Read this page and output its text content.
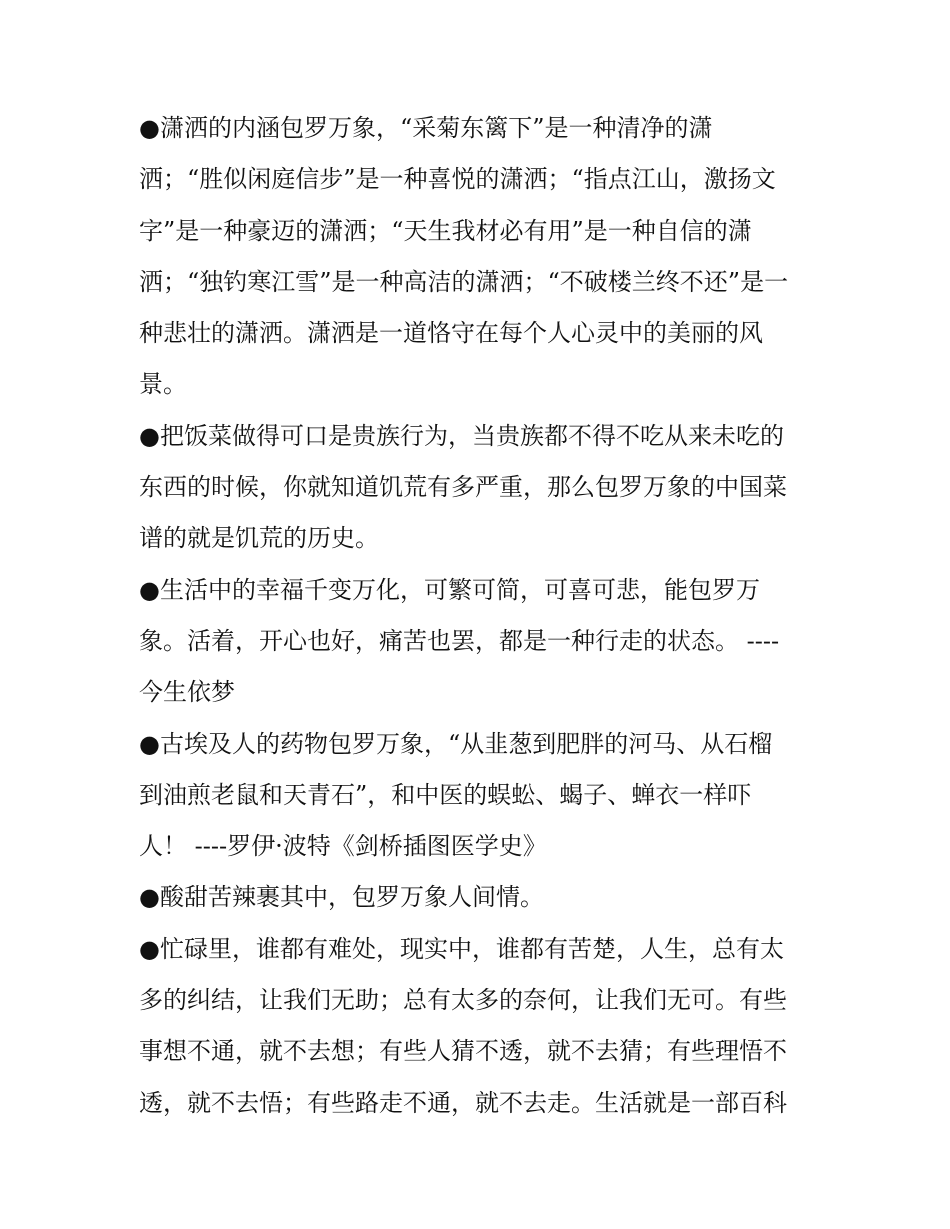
●潇洒的内涵包罗万象，“采菊东篱下”是一种清净的潇
洒；“胜似闲庭信步”是一种喜悦的潇洒；“指点江山，激扬文
字”是一种豪迈的潇洒；“天生我材必有用”是一种自信的潇
洒；“独钓寒江雪”是一种高洁的潇洒；“不破楼兰终不还”是一
种悲壮的潇洒。潇洒是一道恪守在每个人心灵中的美丽的风
景。
●把饭菜做得可口是贵族行为，当贵族都不得不吃从来未吃的
东西的时候，你就知道饥荒有多严重，那么包罗万象的中国菜
谱的就是饥荒的历史。
●生活中的幸福千变万化，可繁可简，可喜可悲，能包罗万
象。活着，开心也好，痛苦也罢，都是一种行走的状态。 ----
今生依梦
●古埃及人的药物包罗万象，“从韭葱到肥胖的河马、从石榴
到油煎老鼠和天青石”，和中医的蜈蚣、蝎子、蝉衣一样吓
人！ ----罗伊·波特《剑桥插图医学史》
●酸甜苦辣裹其中，包罗万象人间情。
●忙碌里，谁都有难处，现实中，谁都有苦楚，人生，总有太
多的纠结，让我们无助；总有太多的奈何，让我们无可。有些
事想不通，就不去想；有些人猜不透，就不去猜；有些理悟不
透，就不去悟；有些路走不通，就不去走。生活就是一部百科
